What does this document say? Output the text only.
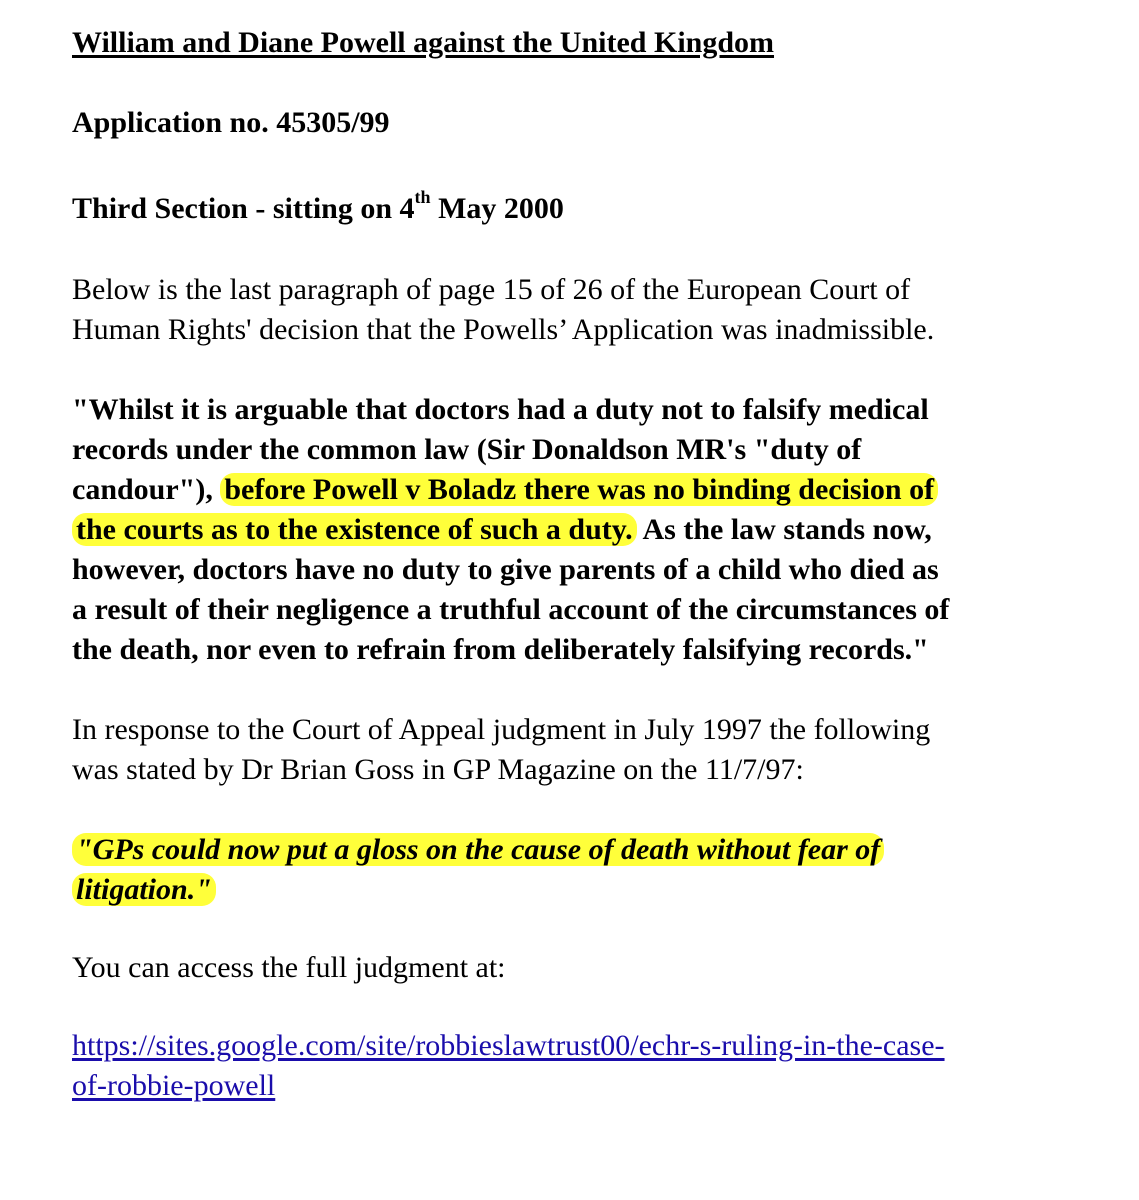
William and Diane Powell against the United Kingdom

Application no. 45305/99

Third Section - sitting on 4th May 2000

Below is the last paragraph of page 15 of 26 of the European Court of
Human Rights' decision that the Powells’ Application was inadmissible.

"Whilst it is arguable that doctors had a duty not to falsify medical
records under the common law (Sir Donaldson MR's "duty of
candour"), before Powell v Boladz there was no binding decision of
the courts as to the existence of such a duty. As the law stands now,
however, doctors have no duty to give parents of a child who died as
a result of their negligence a truthful account of the circumstances of
the death, nor even to refrain from deliberately falsifying records."

In response to the Court of Appeal judgment in July 1997 the following
was stated by Dr Brian Goss in GP Magazine on the 11/7/97:

"GPs could now put a gloss on the cause of death without fear of
litigation."

You can access the full judgment at:

https://sites.google.com/site/robbieslawtrust00/echr-s-ruling-in-the-case-
of-robbie-powell
